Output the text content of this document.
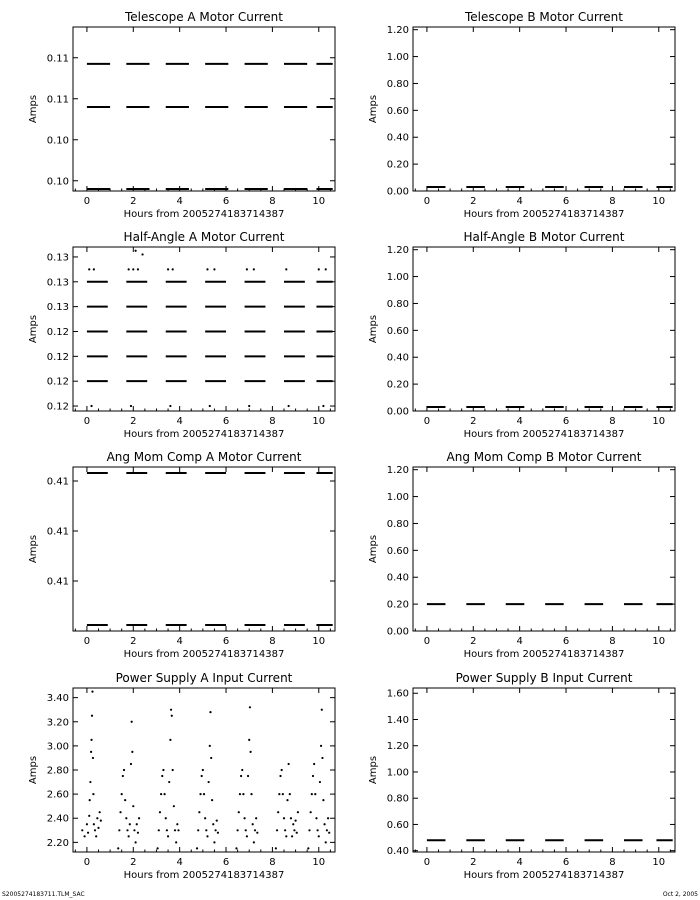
Telescope A Motor Current
Hours from 2005274183714387
Amps
0	2	4	6	8	10
0.10
0.10
0.11
0.11
Telescope B Motor Current
Hours from 2005274183714387
Amps
0	2	4	6	8	10
0.00
0.20
0.40
0.60
0.80
1.00
1.20
Half-Angle A Motor Current
Hours from 2005274183714387
Amps
0	2	4	6	8	10
0.12
0.12
0.12
0.12
0.13
0.13
0.13
Half-Angle B Motor Current
Hours from 2005274183714387
Amps
0	2	4	6	8	10
0.00
0.20
0.40
0.60
0.80
1.00
1.20
Ang Mom Comp A Motor Current
Hours from 2005274183714387
Amps
0	2	4	6	8	10
0.41
0.41
0.41
Ang Mom Comp B Motor Current
Hours from 2005274183714387
Amps
0	2	4	6	8	10
0.00
0.20
0.40
0.60
0.80
1.00
1.20
Power Supply A Input Current
Hours from 2005274183714387
Amps
0	2	4	6	8	10
2.20
2.40
2.60
2.80
3.00
3.20
3.40
Power Supply B Input Current
Hours from 2005274183714387
Amps
0	2	4	6	8	10
0.40
0.60
0.80
1.00
1.20
1.40
1.60
S2005274183711.TLM_SAC	Oct 2, 2005
